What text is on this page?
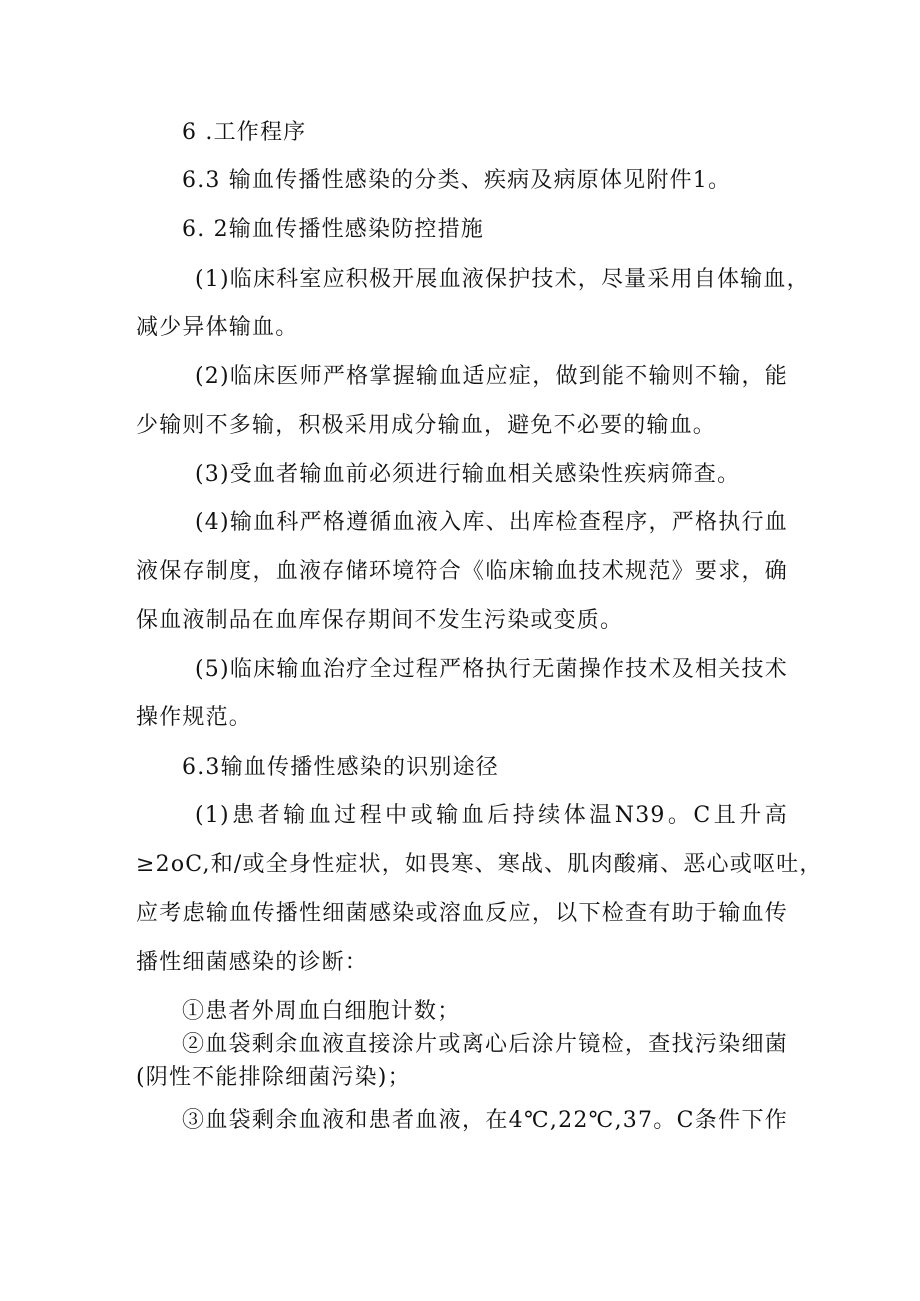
6 .工作程序
6.3 输血传播性感染的分类、疾病及病原体见附件1。
6. 2输血传播性感染防控措施
(1)临床科室应积极开展血液保护技术，尽量采用自体输血，
减少异体输血。
(2)临床医师严格掌握输血适应症，做到能不输则不输，能
少输则不多输，积极采用成分输血，避免不必要的输血。
(3)受血者输血前必须进行输血相关感染性疾病筛查。
(4)输血科严格遵循血液入库、出库检查程序，严格执行血
液保存制度，血液存储环境符合《临床输血技术规范》要求，确
保血液制品在血库保存期间不发生污染或变质。
(5)临床输血治疗全过程严格执行无菌操作技术及相关技术
操作规范。
6.3输血传播性感染的识别途径
(1)患者输血过程中或输血后持续体温N39。C且升高
≥2oC,和/或全身性症状，如畏寒、寒战、肌肉酸痛、恶心或呕吐，
应考虑输血传播性细菌感染或溶血反应，以下检查有助于输血传
播性细菌感染的诊断：
①患者外周血白细胞计数；
②血袋剩余血液直接涂片或离心后涂片镜检，查找污染细菌
(阴性不能排除细菌污染)；
③血袋剩余血液和患者血液，在4℃,22℃,37。C条件下作
